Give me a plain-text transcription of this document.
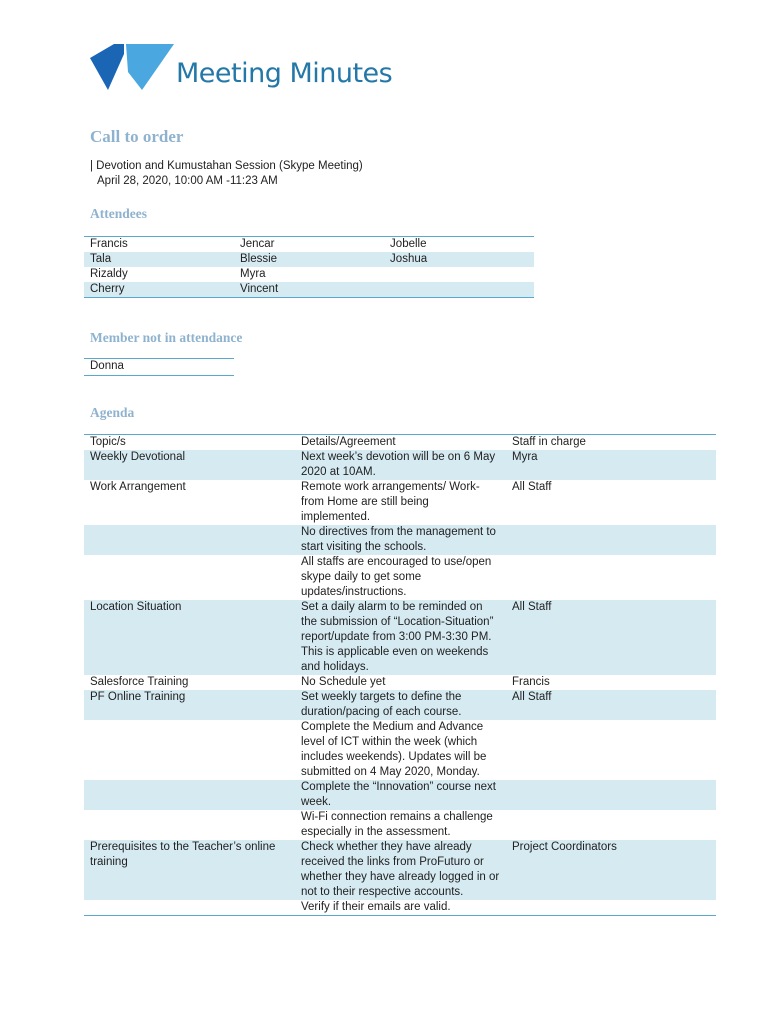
Meeting Minutes
Call to order
| Devotion and Kumustahan Session (Skype Meeting)
April 28, 2020, 10:00 AM -11:23 AM
Attendees
Francis	Jencar	Jobelle
Tala	Blessie	Joshua
Rizaldy	Myra	
Cherry	Vincent	
Member not in attendance
Donna
Agenda
Topic/s	Details/Agreement	Staff in charge
Weekly Devotional	Next week’s devotion will be on 6 May 2020 at 10AM.	Myra
Work Arrangement	Remote work arrangements/ Work-from Home are still being implemented.	All Staff
	No directives from the management to start visiting the schools.	
	All staffs are encouraged to use/open skype daily to get some updates/instructions.	
Location Situation	Set a daily alarm to be reminded on the submission of “Location-Situation” report/update from 3:00 PM-3:30 PM. This is applicable even on weekends and holidays.	All Staff
Salesforce Training	No Schedule yet	Francis
PF Online Training	Set weekly targets to define the duration/pacing of each course.	All Staff
	Complete the Medium and Advance level of ICT within the week (which includes weekends). Updates will be submitted on 4 May 2020, Monday.	
	Complete the “Innovation” course next week.	
	Wi-Fi connection remains a challenge especially in the assessment.	
Prerequisites to the Teacher’s online training	Check whether they have already received the links from ProFuturo or whether they have already logged in or not to their respective accounts.	Project Coordinators
	Verify if their emails are valid.	
